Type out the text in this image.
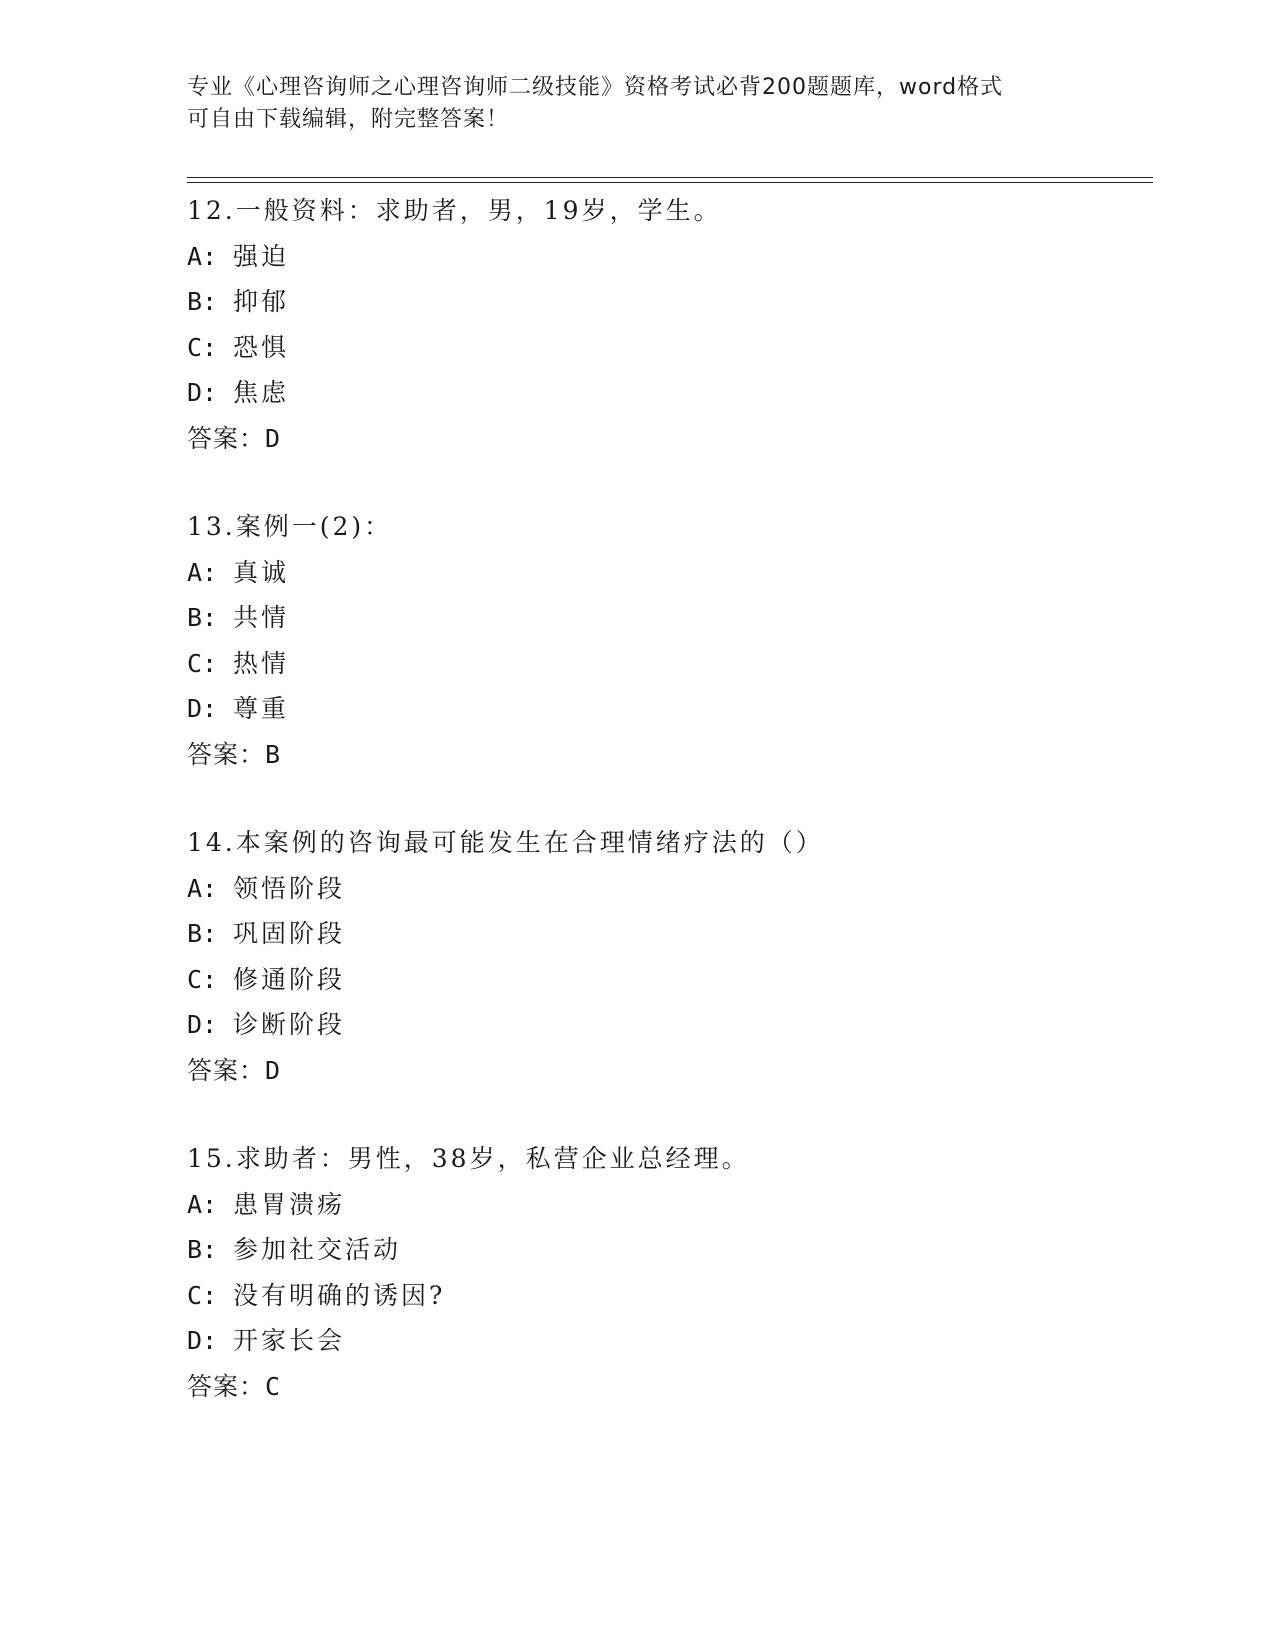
专业《心理咨询师之心理咨询师二级技能》资格考试必背200题题库，word格式
可自由下载编辑，附完整答案！
12.一般资料：求助者，男，19岁，学生。
A: 强迫
B: 抑郁
C: 恐惧
D: 焦虑
答案：D
13.案例一(2)：
A: 真诚
B: 共情
C: 热情
D: 尊重
答案：B
14.本案例的咨询最可能发生在合理情绪疗法的（）
A: 领悟阶段
B: 巩固阶段
C: 修通阶段
D: 诊断阶段
答案：D
15.求助者：男性，38岁，私营企业总经理。
A: 患胃溃疡
B: 参加社交活动
C: 没有明确的诱因?
D: 开家长会
答案：C
